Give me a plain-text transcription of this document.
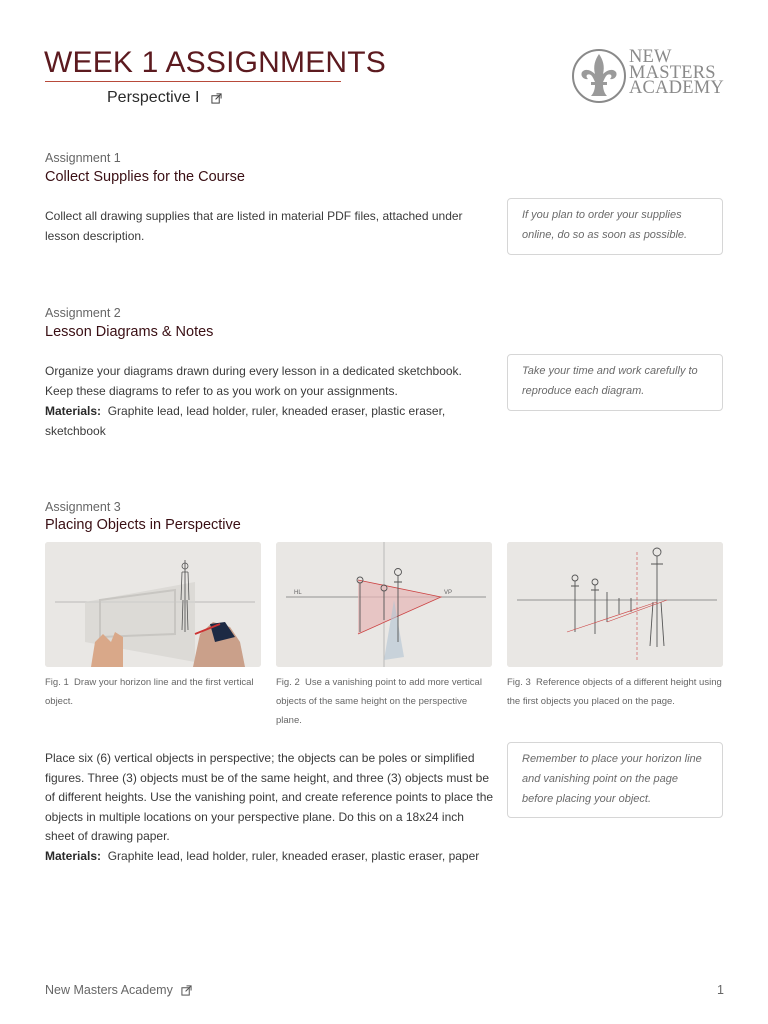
WEEK 1 ASSIGNMENTS
Perspective I
NEW
MASTERS
ACADEMY
Assignment 1
Collect Supplies for the Course
Collect all drawing supplies that are listed in material PDF files, attached under lesson description.
If you plan to order your supplies online, do so as soon as possible.
Assignment 2
Lesson Diagrams & Notes
Organize your diagrams drawn during every lesson in a dedicated sketchbook. Keep these diagrams to refer to as you work on your assignments.
Materials: Graphite lead, lead holder, ruler, kneaded eraser, plastic eraser, sketchbook
Take your time and work carefully to reproduce each diagram.
Assignment 3
Placing Objects in Perspective
Fig. 1 Draw your horizon line and the first vertical object.
HL	VP
Fig. 2 Use a vanishing point to add more vertical objects of the same height on the perspective plane.
Fig. 3 Reference objects of a different height using the first objects you placed on the page.
Place six (6) vertical objects in perspective; the objects can be poles or simplified figures. Three (3) objects must be of the same height, and three (3) objects must be of different heights. Use the vanishing point, and create reference points to place the objects in multiple locations on your perspective plane. Do this on a 18x24 inch sheet of drawing paper.
Materials: Graphite lead, lead holder, ruler, kneaded eraser, plastic eraser, paper
Remember to place your horizon line and vanishing point on the page before placing your object.
New Masters Academy	1
